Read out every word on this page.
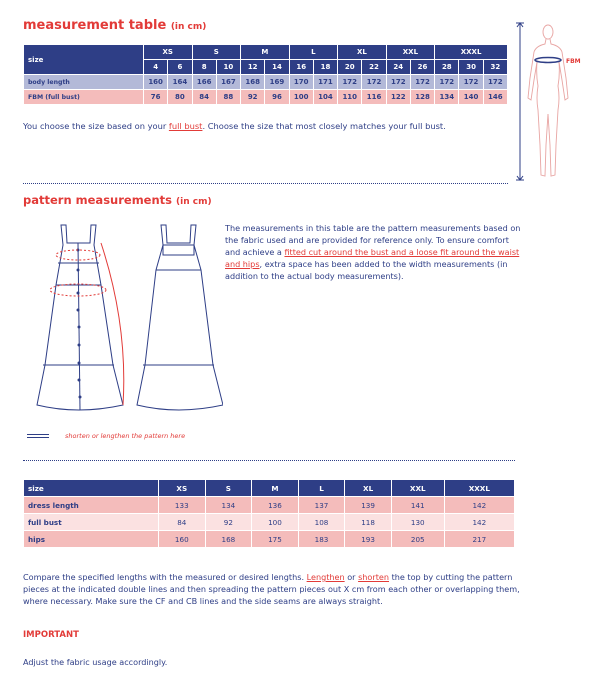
measurement table (in cm)
size	XS		S		M		L		XL		XXL		XXXL		
	4	6	8	10	12	14	16	18	20	22	24	26	28	30	32
body length	160	164	166	167	168	169	170	171	172	172	172	172	172	172	172
FBM (full bust)	76	80	84	88	92	96	100	104	110	116	122	128	134	140	146
You choose the size based on your full bust. Choose the size that most closely matches your full bust.
FBM
pattern measurements (in cm)
shorten or lengthen the pattern here
The measurements in this table are the pattern measurements based on the fabric used and are provided for reference only. To ensure comfort and achieve a fitted cut around the bust and a loose fit around the waist and hips, extra space has been added to the width measurements (in addition to the actual body measurements).
size	XS	S	M	L	XL	XXL	XXXL
dress length	133	134	136	137	139	141	142
full bust	84	92	100	108	118	130	142
hips	160	168	175	183	193	205	217
Compare the specified lengths with the measured or desired lengths. Lengthen or shorten the top by cutting the pattern pieces at the indicated double lines and then spreading the pattern pieces out X cm from each other or overlapping them, where necessary. Make sure the CF and CB lines and the side seams are always straight.
IMPORTANT
Adjust the fabric usage accordingly.
